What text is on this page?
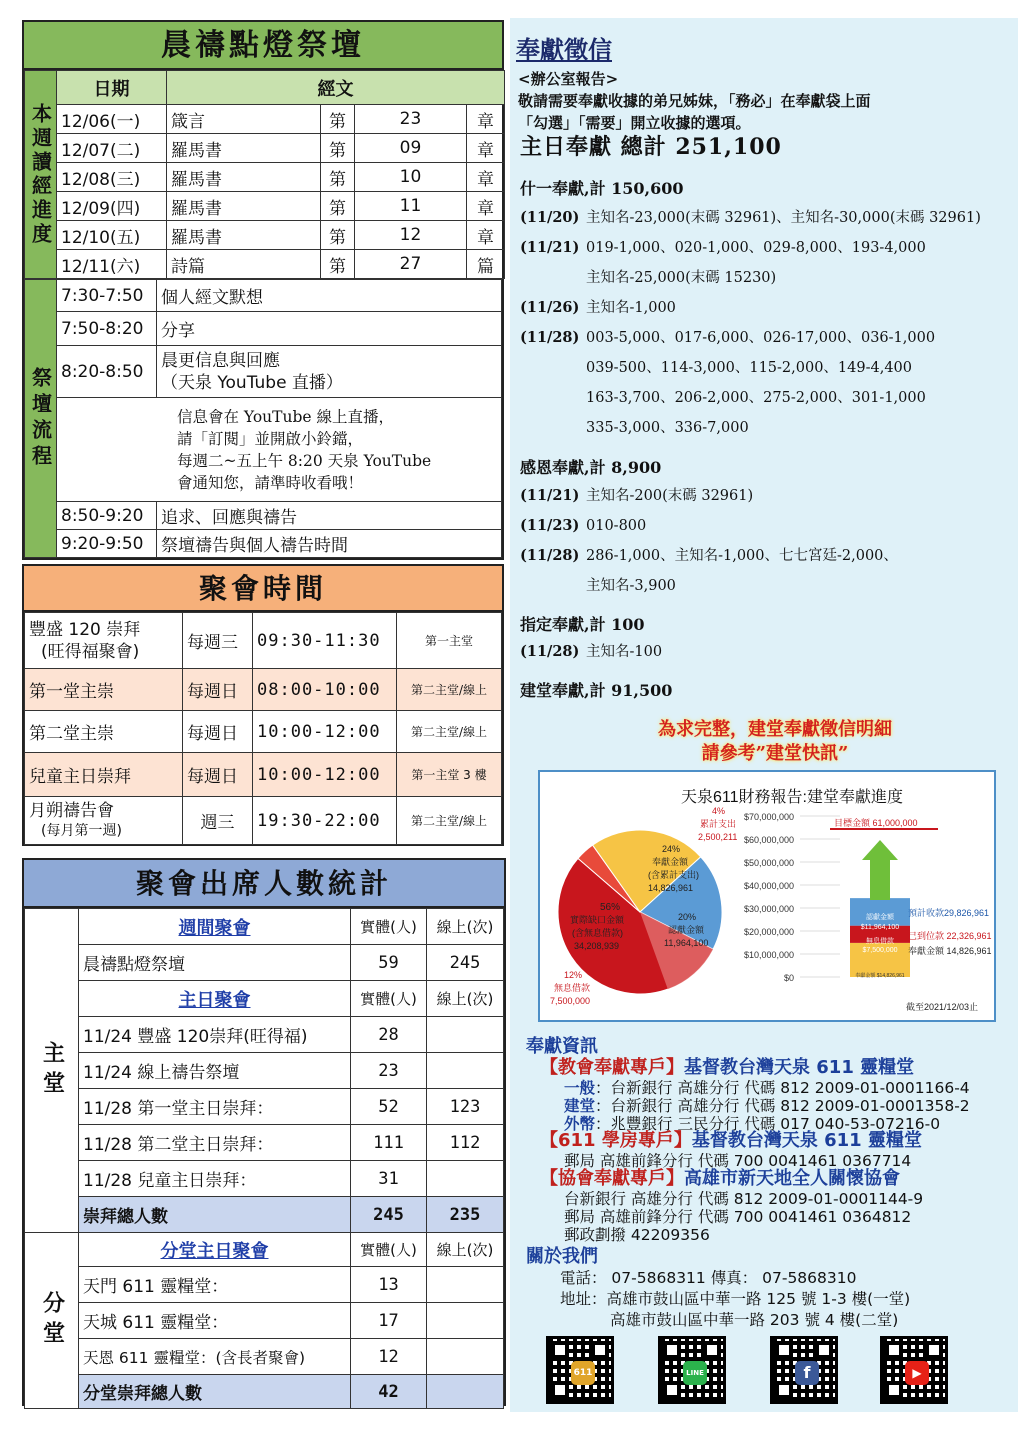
晨禱點燈祭壇
本週讀經進度	日期	經文			
	12/06(一)	箴言	第	23	章
	12/07(二)	羅馬書	第	09	章
	12/08(三)	羅馬書	第	10	章
	12/09(四)	羅馬書	第	11	章
	12/10(五)	羅馬書	第	12	章
	12/11(六)	詩篇	第	27	篇
祭壇流程	7:30-7:50	個人經文默想
	7:50-8:20	分享
	8:20-8:50	晨更信息與回應
（天泉 YouTube 直播）

	信息會在 YouTube 線上直播，
請「訂閱」並開啟小鈴鐺，
每週二~五上午 8:20 天泉 YouTube
會通知您，請準時收看哦！	

	8:50-9:20	追求、回應與禱告
	9:20-9:50	祭壇禱告與個人禱告時間
聚會時間
豐盛 120 崇拜
(旺得福聚會)	每週三	09:30-11:30	第一主堂
第一堂主崇	每週日	08:00-10:00	第二主堂/線上
第二堂主崇	每週日	10:00-12:00	第二主堂/線上
兒童主日崇拜	每週日	10:00-12:00	第一主堂 3 樓

月朔禱告會
(每月第一週)	週三	19:30-22:00	第二主堂/線上
聚會出席人數統計
主堂	週間聚會	實體(人)	線上(次)
	晨禱點燈祭壇	59	245
	主日聚會	實體(人)	線上(次)
	11/24 豐盛 120崇拜(旺得福)	28	
	11/24 線上禱告祭壇	23	
	11/28 第一堂主日崇拜：	52	123
	11/28 第二堂主日崇拜：	111	112
	11/28 兒童主日崇拜：	31	
	崇拜總人數	245	235
分堂	分堂主日聚會	實體(人)	線上(次)
	天門 611 靈糧堂：	13	
	天城 611 靈糧堂：	17	
	天恩 611 靈糧堂：(含長者聚會)	12	
	分堂崇拜總人數	42	
奉獻徵信
<辦公室報告>
敬請需要奉獻收據的弟兄姊妹，「務必」在奉獻袋上面
「勾選」「需要」開立收據的選項。
主日奉獻 總計 251,100
什一奉獻,計 150,600
(11/20) 主知名-23,000(末碼 32961)、主知名-30,000(末碼 32961)
(11/21) 019-1,000、020-1,000、029-8,000、193-4,000
主知名-25,000(末碼 15230)
(11/26) 主知名-1,000
(11/28) 003-5,000、017-6,000、026-17,000、036-1,000
039-500、114-3,000、115-2,000、149-4,400
163-3,700、206-2,000、275-2,000、301-1,000
335-3,000、336-7,000
感恩奉獻,計 8,900
(11/21) 主知名-200(末碼 32961)
(11/23) 010-800
(11/28) 286-1,000、主知名-1,000、七七宮廷-2,000、
主知名-3,900
指定奉獻,計 100
(11/28) 主知名-100
建堂奉獻,計 91,500
為求完整，建堂奉獻徵信明細
請參考”建堂快訊”
天泉611財務報告:建堂奉獻進度
56%
實際缺口金額
(含無息借款)
34,208,939
4%
累計支出
2,500,211
24%
奉獻金額
(含累計支出)
14,826,961
20%
認獻金額
11,964,100
12%
無息借款
7,500,000
$70,000,000
$60,000,000
$50,000,000
$40,000,000
$30,000,000
$20,000,000
$10,000,000
$0
目標金額 61,000,000
認獻金額
$11,964,100
無息借款
$7,500,000
奉獻金額 $14,826,961
預計收款29,826,961
已到位款 22,326,961
奉獻金額 14,826,961
截至2021/12/03止
奉獻資訊
【教會奉獻專戶】基督教台灣天泉 611 靈糧堂
一般：台新銀行 高雄分行 代碼 812 2009-01-0001166-4
建堂：台新銀行 高雄分行 代碼 812 2009-01-0001358-2
外幣：兆豐銀行 三民分行 代碼 017 040-53-07216-0
【611 學房專戶】基督教台灣天泉 611 靈糧堂
郵局 高雄前鋒分行 代碼 700 0041461 0367714
【協會奉獻專戶】高雄市新天地全人關懷協會
台新銀行 高雄分行 代碼 812 2009-01-0001144-9
郵局 高雄前鋒分行 代碼 700 0041461 0364812
郵政劃撥 42209356
關於我們
電話： 07-5868311 傳真： 07-5868310
地址：高雄市鼓山區中華一路 125 號 1-3 樓(一堂)
高雄市鼓山區中華一路 203 號 4 樓(二堂)
611	LINE	f	▶
